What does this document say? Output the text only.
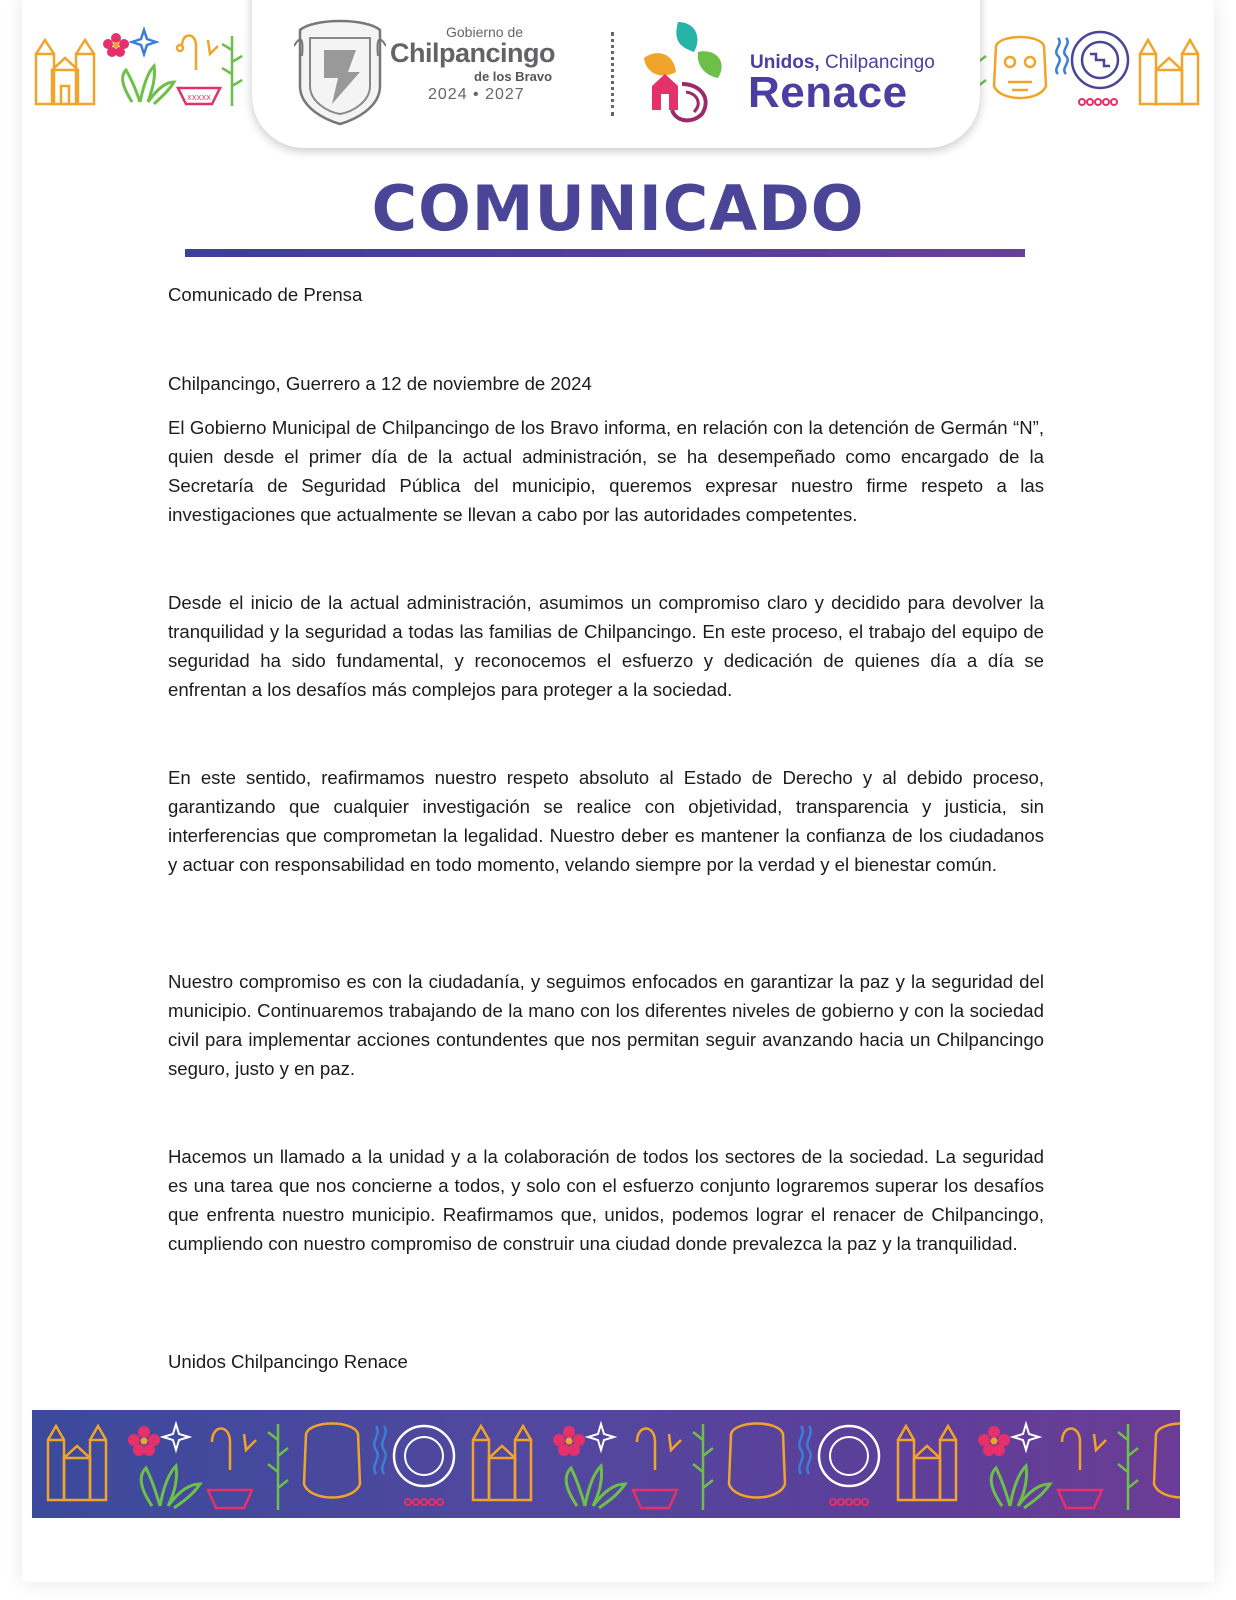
XXXXX
Gobierno de
Chilpancingo
de los Bravo
2024 • 2027
Unidos, Chilpancingo
Renace
COMUNICADO
Comunicado de Prensa
Chilpancingo, Guerrero a 12 de noviembre de 2024
El Gobierno Municipal de Chilpancingo de los Bravo informa, en relación con la detención de Germán “N”, quien desde el primer día de la actual administración, se ha desempeñado como encargado de la Secretaría de Seguridad Pública del municipio, queremos expresar nuestro firme respeto a las investigaciones que actualmente se llevan a cabo por las autoridades competentes.
Desde el inicio de la actual administración, asumimos un compromiso claro y decidido para devolver la tranquilidad y la seguridad a todas las familias de Chilpancingo. En este proceso, el trabajo del equipo de seguridad ha sido fundamental, y reconocemos el esfuerzo y dedicación de quienes día a día se enfrentan a los desafíos más complejos para proteger a la sociedad.
En este sentido, reafirmamos nuestro respeto absoluto al Estado de Derecho y al debido proceso, garantizando que cualquier investigación se realice con objetividad, transparencia y justicia, sin interferencias que comprometan la legalidad. Nuestro deber es mantener la confianza de los ciudadanos y actuar con responsabilidad en todo momento, velando siempre por la verdad y el bienestar común.
Nuestro compromiso es con la ciudadanía, y seguimos enfocados en garantizar la paz y la seguridad del municipio. Continuaremos trabajando de la mano con los diferentes niveles de gobierno y con la sociedad civil para implementar acciones contundentes que nos permitan seguir avanzando hacia un Chilpancingo seguro, justo y en paz.
Hacemos un llamado a la unidad y a la colaboración de todos los sectores de la sociedad. La seguridad es una tarea que nos concierne a todos, y solo con el esfuerzo conjunto lograremos superar los desafíos que enfrenta nuestro municipio. Reafirmamos que, unidos, podemos lograr el renacer de Chilpancingo, cumpliendo con nuestro compromiso de construir una ciudad donde prevalezca la paz y la tranquilidad.
Unidos Chilpancingo Renace
